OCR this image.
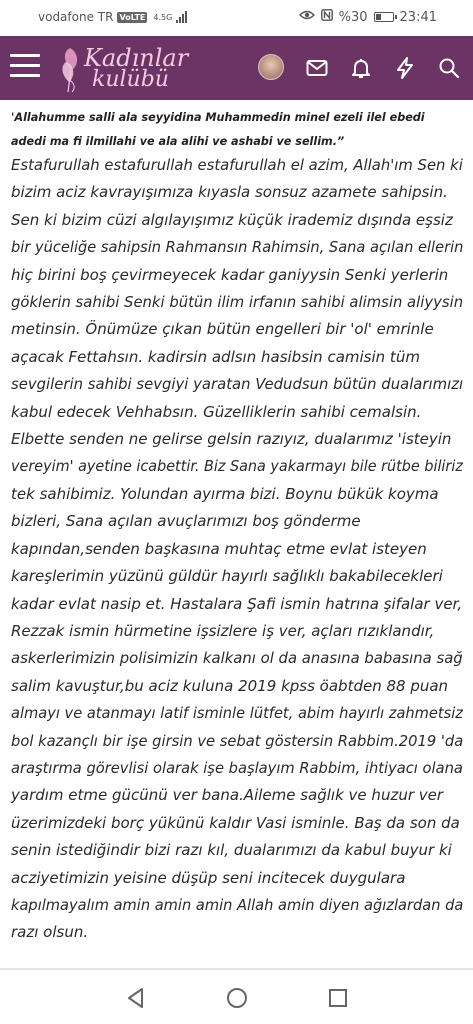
vodafone TR VoLTE 4.5G	%30 23:41
Kadınlar
kulübü

'Allahumme salli ala seyyidina Muhammedin minel ezeli ilel ebedi adedi ma fi ilmillahi ve ala alihi ve ashabi ve sellim.”

Estafurullah estafurullah estafurullah el azim, Allah'ım Sen ki
bizim aciz kavrayışımıza kıyasla sonsuz azamete sahipsin.
Sen ki bizim cüzi algılayışımız küçük irademiz dışında eşsiz
bir yüceliğe sahipsin Rahmansın Rahimsin, Sana açılan ellerin
hiç birini boş çevirmeyecek kadar ganiyysin Senki yerlerin
göklerin sahibi Senki bütün ilim irfanın sahibi alimsin aliyysin
metinsin. Önümüze çıkan bütün engelleri bir 'ol' emrinle
açacak Fettahsın. kadirsin adlsın hasibsin camisin tüm
sevgilerin sahibi sevgiyi yaratan Vedudsun bütün dualarımızı
kabul edecek Vehhabsın. Güzelliklerin sahibi cemalsin.
Elbette senden ne gelirse gelsin razıyız, dualarımız 'isteyin
vereyim' ayetine icabettir. Biz Sana yakarmayı bile rütbe biliriz
tek sahibimiz. Yolundan ayırma bizi. Boynu bükük koyma
bizleri, Sana açılan avuçlarımızı boş gönderme
kapından,senden başkasına muhtaç etme evlat isteyen
kareşlerimin yüzünü güldür hayırlı sağlıklı bakabilecekleri
kadar evlat nasip et. Hastalara Şafi ismin hatrına şifalar ver,
Rezzak ismin hürmetine işsizlere iş ver, açları rızıklandır,
askerlerimizin polisimizin kalkanı ol da anasına babasına sağ
salim kavuştur,bu aciz kuluna 2019 kpss öabtden 88 puan
almayı ve atanmayı latif isminle lütfet, abim hayırlı zahmetsiz
bol kazançlı bir işe girsin ve sebat göstersin Rabbim.2019 'da
araştırma görevlisi olarak işe başlayım Rabbim, ihtiyacı olana
yardım etme gücünü ver bana.Aileme sağlık ve huzur ver
üzerimizdeki borç yükünü kaldır Vasi isminle. Baş da son da
senin istediğindir bizi razı kıl, dualarımızı da kabul buyur ki
acziyetimizin yeisine düşüp seni incitecek duygulara
kapılmayalım amin amin amin Allah amin diyen ağızlardan da
razı olsun.
